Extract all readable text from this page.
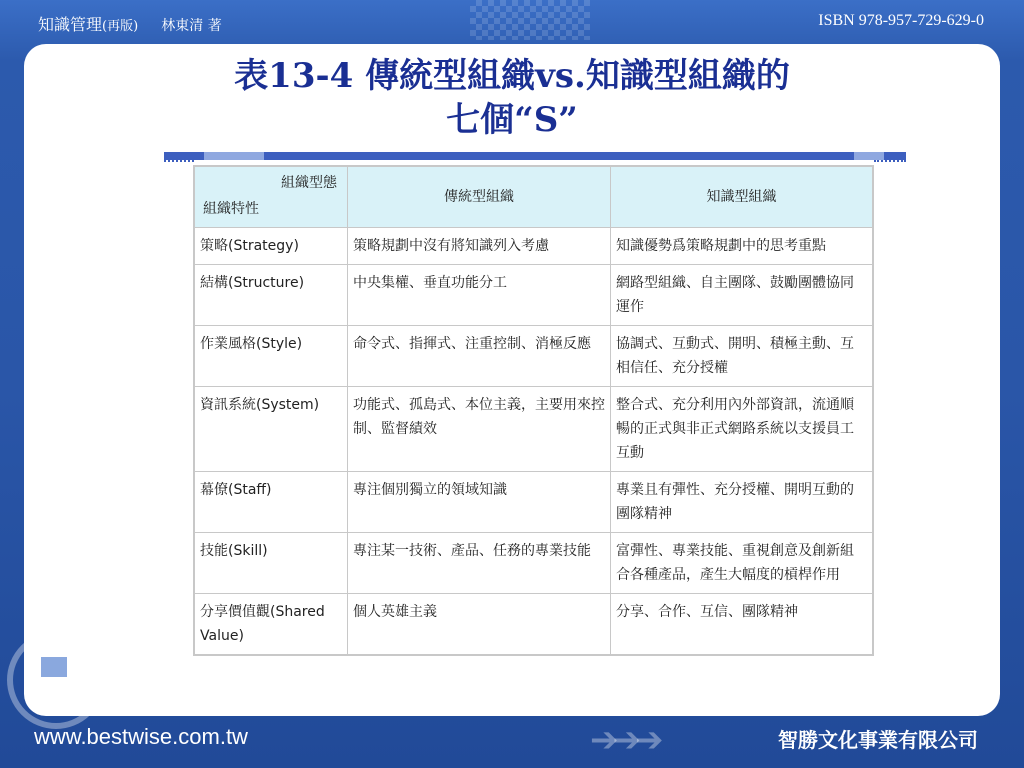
知識管理(再版) 林東清 著	ISBN 978-957-729-629-0
表13-4 傳統型組織vs.知識型組織的
七個“S”
組織型態
組織特性	傳統型組織	知識型組織
策略(Strategy)	策略規劃中沒有將知識列入考慮	知識優勢爲策略規劃中的思考重點
結構(Structure)	中央集權、垂直功能分工	網路型組織、自主團隊、鼓勵團體協同運作
作業風格(Style)	命令式、指揮式、注重控制、消極反應	協調式、互動式、開明、積極主動、互相信任、充分授權
資訊系統(System)	功能式、孤島式、本位主義，主要用來控制、監督績效	整合式、充分利用內外部資訊，流通順暢的正式與非正式網路系統以支援員工互動
幕僚(Staff)	專注個別獨立的領域知識	專業且有彈性、充分授權、開明互動的團隊精神
技能(Skill)	專注某一技術、產品、任務的專業技能	富彈性、專業技能、重視創意及創新組合各種產品，產生大幅度的槓桿作用
分享價值觀(Shared Value)	個人英雄主義	分享、合作、互信、團隊精神
➔➔➔
www.bestwise.com.tw	智勝文化事業有限公司
